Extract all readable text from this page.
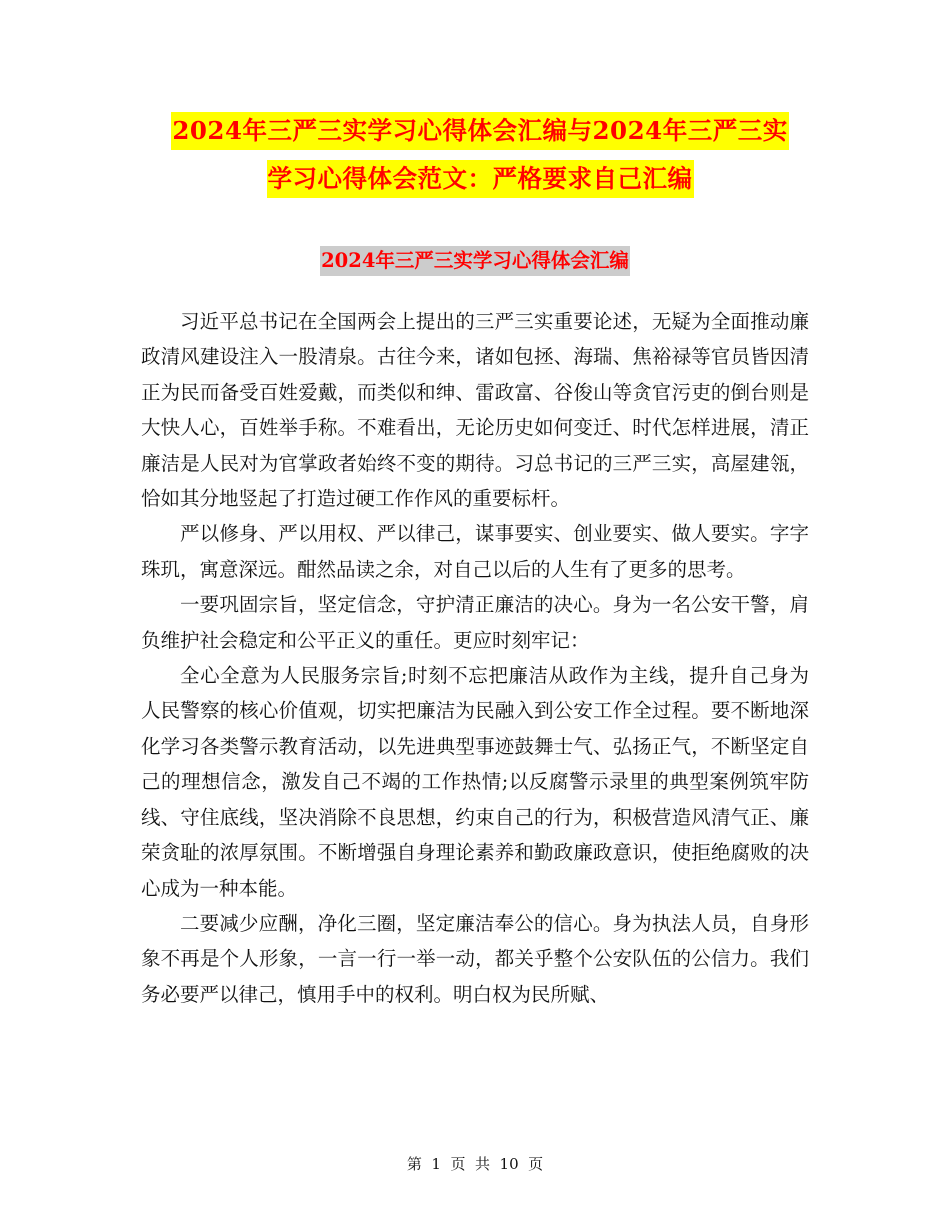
2024年三严三实学习心得体会汇编与2024年三严三实
学习心得体会范文：严格要求自己汇编
2024年三严三实学习心得体会汇编

习近平总书记在全国两会上提出的三严三实重要论述，无疑为全面推动廉政清风建设注入一股清泉。古往今来，诸如包拯、海瑞、焦裕禄等官员皆因清正为民而备受百姓爱戴，而类似和绅、雷政富、谷俊山等贪官污吏的倒台则是大快人心，百姓举手称。不难看出，无论历史如何变迁、时代怎样进展，清正廉洁是人民对为官掌政者始终不变的期待。习总书记的三严三实，高屋建瓴，恰如其分地竖起了打造过硬工作作风的重要标杆。

严以修身、严以用权、严以律己，谋事要实、创业要实、做人要实。字字珠玑，寓意深远。酣然品读之余，对自己以后的人生有了更多的思考。

一要巩固宗旨，坚定信念，守护清正廉洁的决心。身为一名公安干警，肩负维护社会稳定和公平正义的重任。更应时刻牢记：

全心全意为人民服务宗旨;时刻不忘把廉洁从政作为主线，提升自己身为人民警察的核心价值观，切实把廉洁为民融入到公安工作全过程。要不断地深化学习各类警示教育活动，以先进典型事迹鼓舞士气、弘扬正气，不断坚定自己的理想信念，激发自己不竭的工作热情;以反腐警示录里的典型案例筑牢防线、守住底线，坚决消除不良思想，约束自己的行为，积极营造风清气正、廉荣贪耻的浓厚氛围。不断增强自身理论素养和勤政廉政意识，使拒绝腐败的决心成为一种本能。

二要减少应酬，净化三圈，坚定廉洁奉公的信心。身为执法人员，自身形象不再是个人形象，一言一行一举一动，都关乎整个公安队伍的公信力。我们务必要严以律己，慎用手中的权利。明白权为民所赋、

第  1  页  共  10  页
